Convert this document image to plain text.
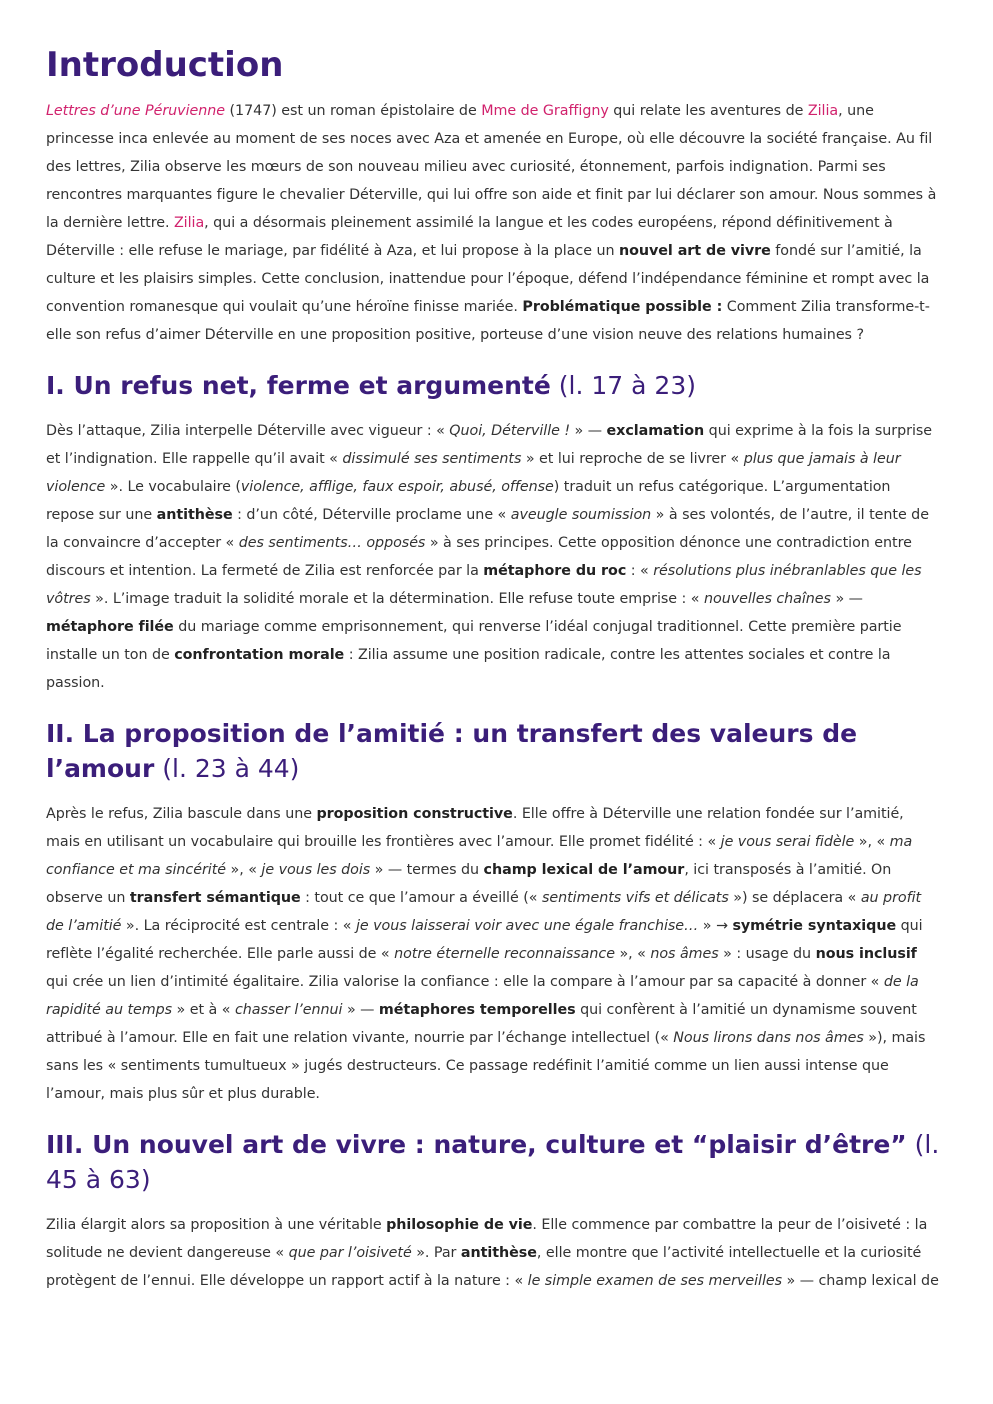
Introduction

Lettres d’une Péruvienne (1747) est un roman épistolaire de Mme de Graffigny qui relate les aventures de Zilia, une princesse inca enlevée au moment de ses noces avec Aza et amenée en Europe, où elle découvre la société française. Au fil des lettres, Zilia observe les mœurs de son nouveau milieu avec curiosité, étonnement, parfois indignation. Parmi ses rencontres marquantes figure le chevalier Déterville, qui lui offre son aide et finit par lui déclarer son amour. Nous sommes à la dernière lettre. Zilia, qui a désormais pleinement assimilé la langue et les codes européens, répond définitivement à Déterville : elle refuse le mariage, par fidélité à Aza, et lui propose à la place un nouvel art de vivre fondé sur l’amitié, la culture et les plaisirs simples. Cette conclusion, inattendue pour l’époque, défend l’indépendance féminine et rompt avec la convention romanesque qui voulait qu’une héroïne finisse mariée. Problématique possible : Comment Zilia transforme-t-elle son refus d’aimer Déterville en une proposition positive, porteuse d’une vision neuve des relations humaines ?

I. Un refus net, ferme et argumenté (l. 17 à 23)

Dès l’attaque, Zilia interpelle Déterville avec vigueur : « Quoi, Déterville ! » — exclamation qui exprime à la fois la surprise et l’indignation. Elle rappelle qu’il avait « dissimulé ses sentiments » et lui reproche de se livrer « plus que jamais à leur violence ». Le vocabulaire (violence, afflige, faux espoir, abusé, offense) traduit un refus catégorique. L’argumentation repose sur une antithèse : d’un côté, Déterville proclame une « aveugle soumission » à ses volontés, de l’autre, il tente de la convaincre d’accepter « des sentiments… opposés » à ses principes. Cette opposition dénonce une contradiction entre discours et intention. La fermeté de Zilia est renforcée par la métaphore du roc : « résolutions plus inébranlables que les vôtres ». L’image traduit la solidité morale et la détermination. Elle refuse toute emprise : « nouvelles chaînes » — métaphore filée du mariage comme emprisonnement, qui renverse l’idéal conjugal traditionnel. Cette première partie installe un ton de confrontation morale : Zilia assume une position radicale, contre les attentes sociales et contre la passion.

II. La proposition de l’amitié : un transfert des valeurs de l’amour (l. 23 à 44)

Après le refus, Zilia bascule dans une proposition constructive. Elle offre à Déterville une relation fondée sur l’amitié, mais en utilisant un vocabulaire qui brouille les frontières avec l’amour. Elle promet fidélité : « je vous serai fidèle », « ma confiance et ma sincérité », « je vous les dois » — termes du champ lexical de l’amour, ici transposés à l’amitié. On observe un transfert sémantique : tout ce que l’amour a éveillé (« sentiments vifs et délicats ») se déplacera « au profit de l’amitié ». La réciprocité est centrale : « je vous laisserai voir avec une égale franchise… » → symétrie syntaxique qui reflète l’égalité recherchée. Elle parle aussi de « notre éternelle reconnaissance », « nos âmes » : usage du nous inclusif qui crée un lien d’intimité égalitaire. Zilia valorise la confiance : elle la compare à l’amour par sa capacité à donner « de la rapidité au temps » et à « chasser l’ennui » — métaphores temporelles qui confèrent à l’amitié un dynamisme souvent attribué à l’amour. Elle en fait une relation vivante, nourrie par l’échange intellectuel (« Nous lirons dans nos âmes »), mais sans les « sentiments tumultueux » jugés destructeurs. Ce passage redéfinit l’amitié comme un lien aussi intense que l’amour, mais plus sûr et plus durable.

III. Un nouvel art de vivre : nature, culture et “plaisir d’être” (l. 45 à 63)

Zilia élargit alors sa proposition à une véritable philosophie de vie. Elle commence par combattre la peur de l’oisiveté : la solitude ne devient dangereuse « que par l’oisiveté ». Par antithèse, elle montre que l’activité intellectuelle et la curiosité protègent de l’ennui. Elle développe un rapport actif à la nature : « le simple examen de ses merveilles » — champ lexical de
